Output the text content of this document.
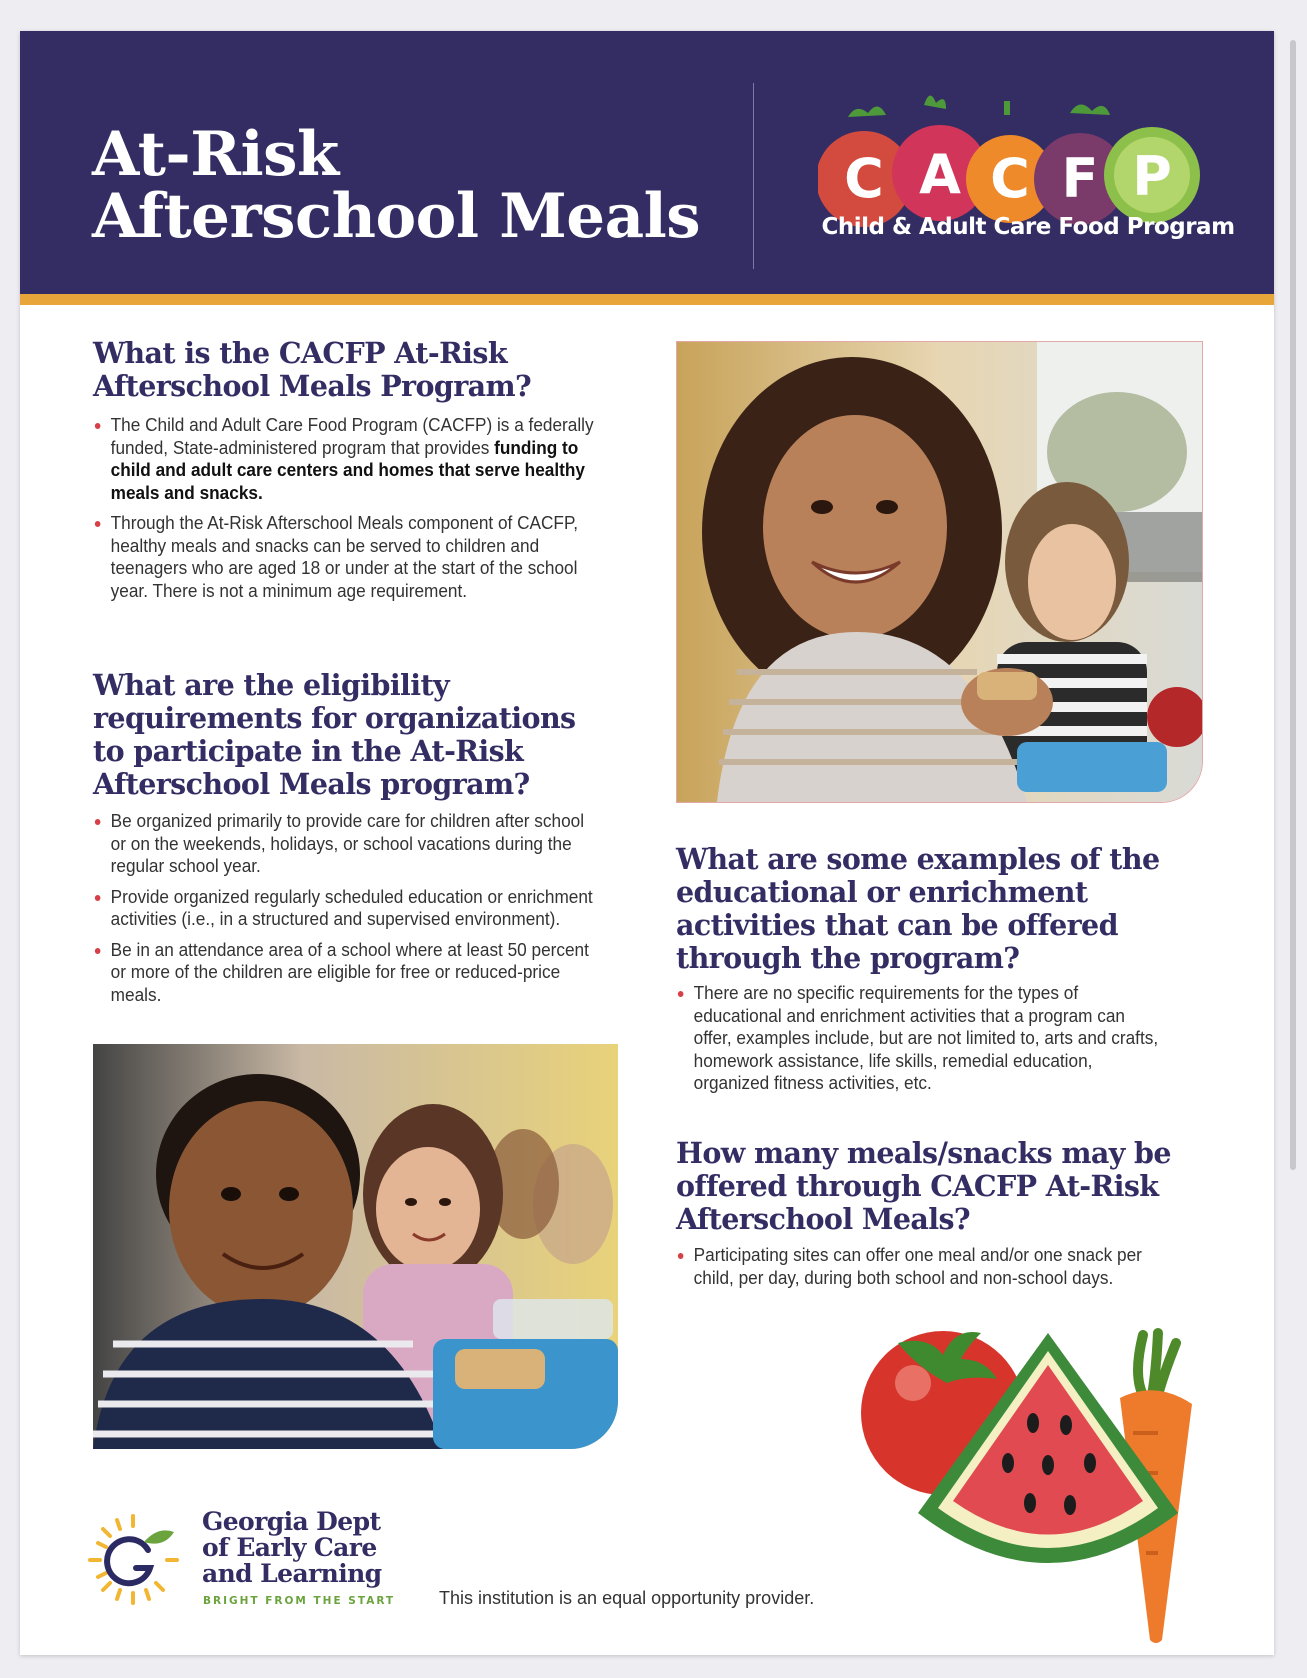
At-Risk
Afterschool Meals
C A C F P
Child & Adult Care Food Program
What is the CACFP At-Risk Afterschool Meals Program?
The Child and Adult Care Food Program (CACFP) is a federally funded, State-administered program that provides funding to child and adult care centers and homes that serve healthy meals and snacks.
Through the At-Risk Afterschool Meals component of CACFP, healthy meals and snacks can be served to children and teenagers who are aged 18 or under at the start of the school year. There is not a minimum age requirement.
What are the eligibility requirements for organizations to participate in the At-Risk Afterschool Meals program?
Be organized primarily to provide care for children after school or on the weekends, holidays, or school vacations during the regular school year.
Provide organized regularly scheduled education or enrichment activities (i.e., in a structured and supervised environment).
Be in an attendance area of a school where at least 50 percent or more of the children are eligible for free or reduced-price meals.
What are some examples of the educational or enrichment activities that can be offered through the program?
There are no specific requirements for the types of educational and enrichment activities that a program can offer, examples include, but are not limited to, arts and crafts, homework assistance, life skills, remedial education, organized fitness activities, etc.
How many meals/snacks may be offered through CACFP At-Risk Afterschool Meals?
Participating sites can offer one meal and/or one snack per child, per day, during both school and non-school days.
Georgia Dept
of Early Care
and Learning
BRIGHT FROM THE START This institution is an equal opportunity provider.
